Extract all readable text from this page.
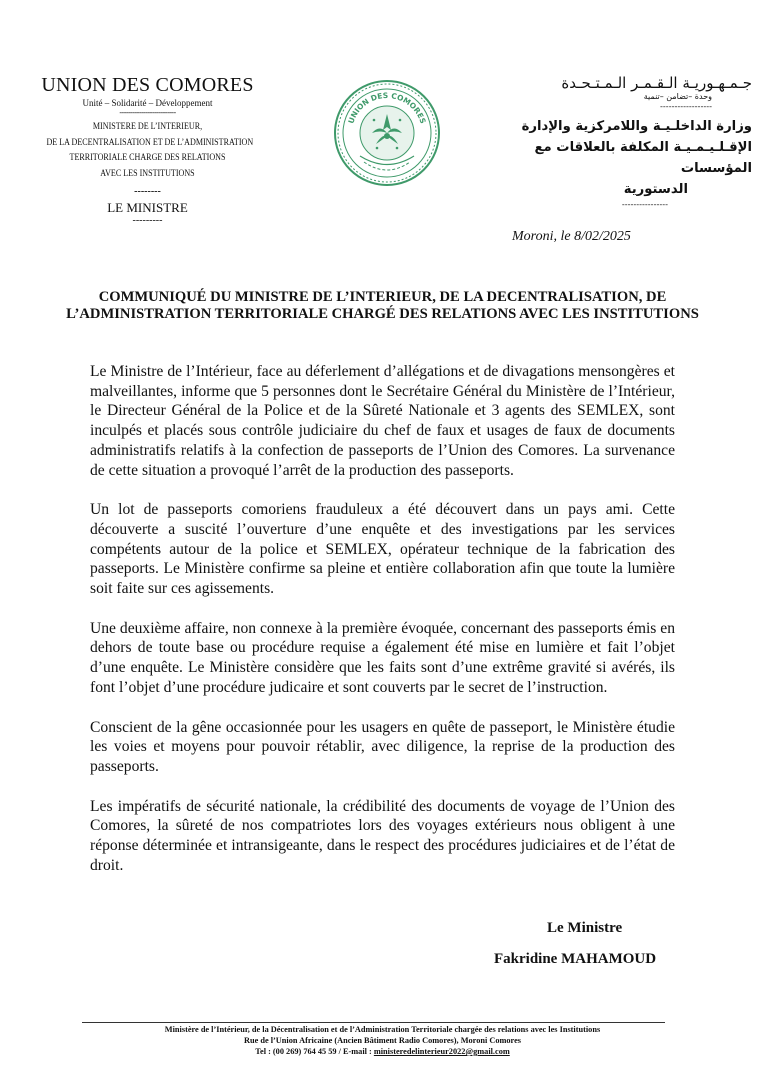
UNION DES COMORES
Unité – Solidarité – Développement
--------------------------
MINISTERE DE L’INTERIEUR,
DE LA DECENTRALISATION ET DE L’ADMINISTRATION
TERRITORIALE CHARGE DES RELATIONS
AVEC LES INSTITUTIONS
--------
LE MINISTRE
---------
UNION DES COMORES
جـمـهـوريـة الـقـمـر الـمـتـحـدة
وحدة –تضامن –تنمية
------------------
وزارة الداخلـيـة واللامركزية والإدارة
الإقـلـيـمـيـة المكلفة بالعلاقات مع المؤسسات
الدستورية
----------------
Moroni, le 8/02/2025
COMMUNIQUÉ DU MINISTRE DE L’INTERIEUR, DE LA DECENTRALISATION, DE L’ADMINISTRATION TERRITORIALE CHARGÉ DES RELATIONS AVEC LES INSTITUTIONS

Le Ministre de l’Intérieur, face au déferlement d’allégations et de divagations mensongères et malveillantes, informe que 5 personnes dont le Secrétaire Général du Ministère de l’Intérieur, le Directeur Général de la Police et de la Sûreté Nationale et 3 agents des SEMLEX, sont inculpés et placés sous contrôle judiciaire du chef de faux et usages de faux de documents administratifs relatifs à la confection de passeports de l’Union des Comores. La survenance de cette situation a provoqué l’arrêt de la production des passeports.

Un lot de passeports comoriens frauduleux a été découvert dans un pays ami. Cette découverte a suscité l’ouverture d’une enquête et des investigations par les services compétents autour de la police et SEMLEX, opérateur technique de la fabrication des passeports. Le Ministère confirme sa pleine et entière collaboration afin que toute la lumière soit faite sur ces agissements.

Une deuxième affaire, non connexe à la première évoquée, concernant des passeports émis en dehors de toute base ou procédure requise a également été mise en lumière et fait l’objet d’une enquête. Le Ministère considère que les faits sont d’une extrême gravité si avérés, ils font l’objet d’une procédure judicaire et sont couverts par le secret de l’instruction.

Conscient de la gêne occasionnée pour les usagers en quête de passeport, le Ministère étudie les voies et moyens pour pouvoir rétablir, avec diligence, la reprise de la production des passeports.

Les impératifs de sécurité nationale, la crédibilité des documents de voyage de l’Union des Comores, la sûreté de nos compatriotes lors des voyages extérieurs nous obligent à une réponse déterminée et intransigeante, dans le respect des procédures judiciaires et de l’état de droit.

Le Ministre
Fakridine MAHAMOUD
Ministère de l’Intérieur, de la Décentralisation et de l’Administration Territoriale chargée des relations avec les Institutions
Rue de l’Union Africaine (Ancien Bâtiment Radio Comores), Moroni Comores
Tel : (00 269) 764 45 59 / E-mail : ministeredelinterieur2022@gmail.com
